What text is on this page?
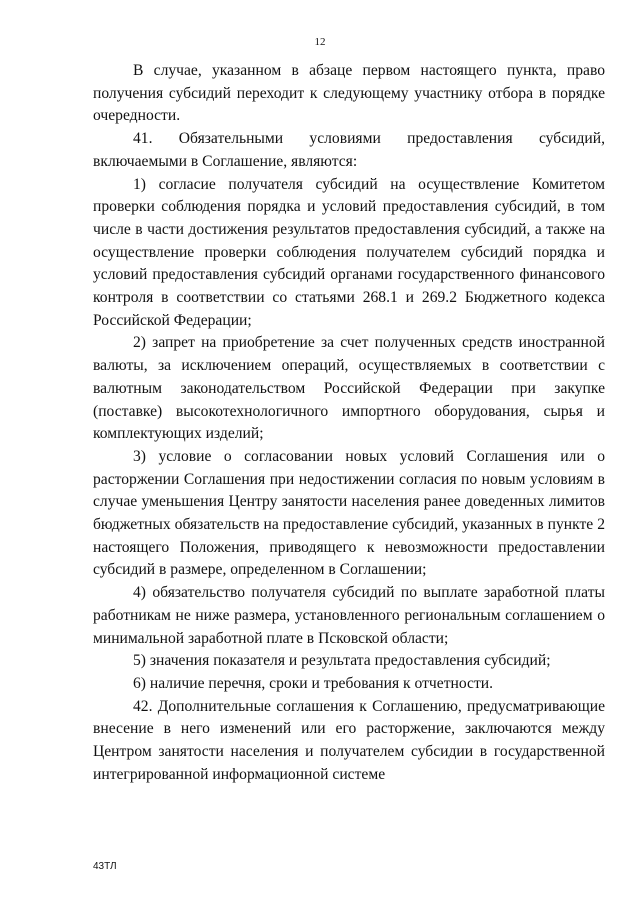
12

В случае, указанном в абзаце первом настоящего пункта, право получения субсидий переходит к следующему участнику отбора в порядке очередности.

41. Обязательными условиями предоставления субсидий, включаемыми в Соглашение, являются:

1) согласие получателя субсидий на осуществление Комитетом проверки соблюдения порядка и условий предоставления субсидий, в том числе в части достижения результатов предоставления субсидий, а также на осуществление проверки соблюдения получателем субсидий порядка и условий предоставления субсидий органами государственного финансового контроля в соответствии со статьями 268.1 и 269.2 Бюджетного кодекса Российской Федерации;

2) запрет на приобретение за счет полученных средств иностранной валюты, за исключением операций, осуществляемых в соответствии с валютным законодательством Российской Федерации при закупке (поставке) высокотехнологичного импортного оборудования, сырья и комплектующих изделий;

3) условие о согласовании новых условий Соглашения или о расторжении Соглашения при недостижении согласия по новым условиям в случае уменьшения Центру занятости населения ранее доведенных лимитов бюджетных обязательств на предоставление субсидий, указанных в пункте 2 настоящего Положения, приводящего к невозможности предоставлении субсидий в размере, определенном в Соглашении;

4) обязательство получателя субсидий по выплате заработной платы работникам не ниже размера, установленного региональным соглашением о минимальной заработной плате в Псковской области;

5) значения показателя и результата предоставления субсидий;

6) наличие перечня, сроки и требования к отчетности.

42. Дополнительные соглашения к Соглашению, предусматривающие внесение в него изменений или его расторжение, заключаются между Центром занятости населения и получателем субсидии в государственной интегрированной информационной системе

43ТЛ
